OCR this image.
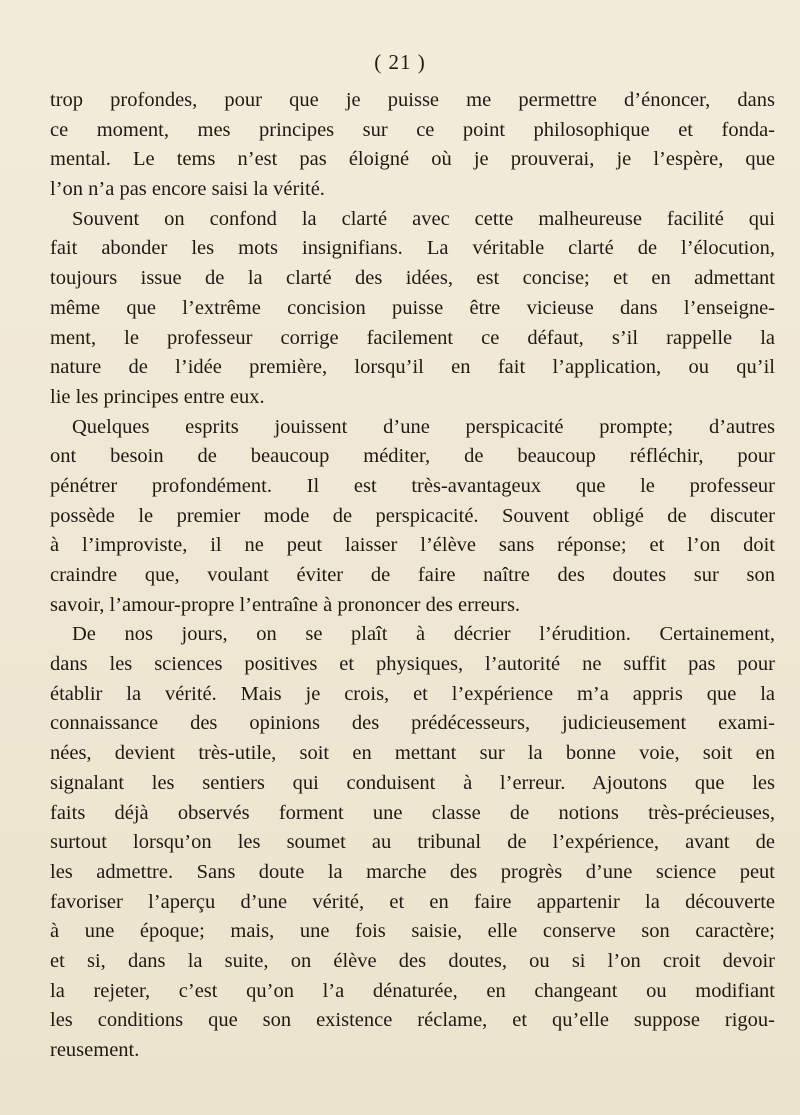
( 21 )
trop profondes, pour que je puisse me permettre d’énoncer, dans
ce moment, mes principes sur ce point philosophique et fonda-
mental. Le tems n’est pas éloigné où je prouverai, je l’espère, que
l’on n’a pas encore saisi la vérité.
Souvent on confond la clarté avec cette malheureuse facilité qui
fait abonder les mots insignifians. La véritable clarté de l’élocution,
toujours issue de la clarté des idées, est concise; et en admettant
même que l’extrême concision puisse être vicieuse dans l’enseigne-
ment, le professeur corrige facilement ce défaut, s’il rappelle la
nature de l’idée première, lorsqu’il en fait l’application, ou qu’il
lie les principes entre eux.
Quelques esprits jouissent d’une perspicacité prompte; d’autres
ont besoin de beaucoup méditer, de beaucoup réfléchir, pour
pénétrer profondément. Il est très-avantageux que le professeur
possède le premier mode de perspicacité. Souvent obligé de discuter
à l’improviste, il ne peut laisser l’élève sans réponse; et l’on doit
craindre que, voulant éviter de faire naître des doutes sur son
savoir, l’amour-propre l’entraîne à prononcer des erreurs.
De nos jours, on se plaît à décrier l’érudition. Certainement,
dans les sciences positives et physiques, l’autorité ne suffit pas pour
établir la vérité. Mais je crois, et l’expérience m’a appris que la
connaissance des opinions des prédécesseurs, judicieusement exami-
nées, devient très-utile, soit en mettant sur la bonne voie, soit en
signalant les sentiers qui conduisent à l’erreur. Ajoutons que les
faits déjà observés forment une classe de notions très-précieuses,
surtout lorsqu’on les soumet au tribunal de l’expérience, avant de
les admettre. Sans doute la marche des progrès d’une science peut
favoriser l’aperçu d’une vérité, et en faire appartenir la découverte
à une époque; mais, une fois saisie, elle conserve son caractère;
et si, dans la suite, on élève des doutes, ou si l’on croit devoir
la rejeter, c’est qu’on l’a dénaturée, en changeant ou modifiant
les conditions que son existence réclame, et qu’elle suppose rigou-
reusement.
